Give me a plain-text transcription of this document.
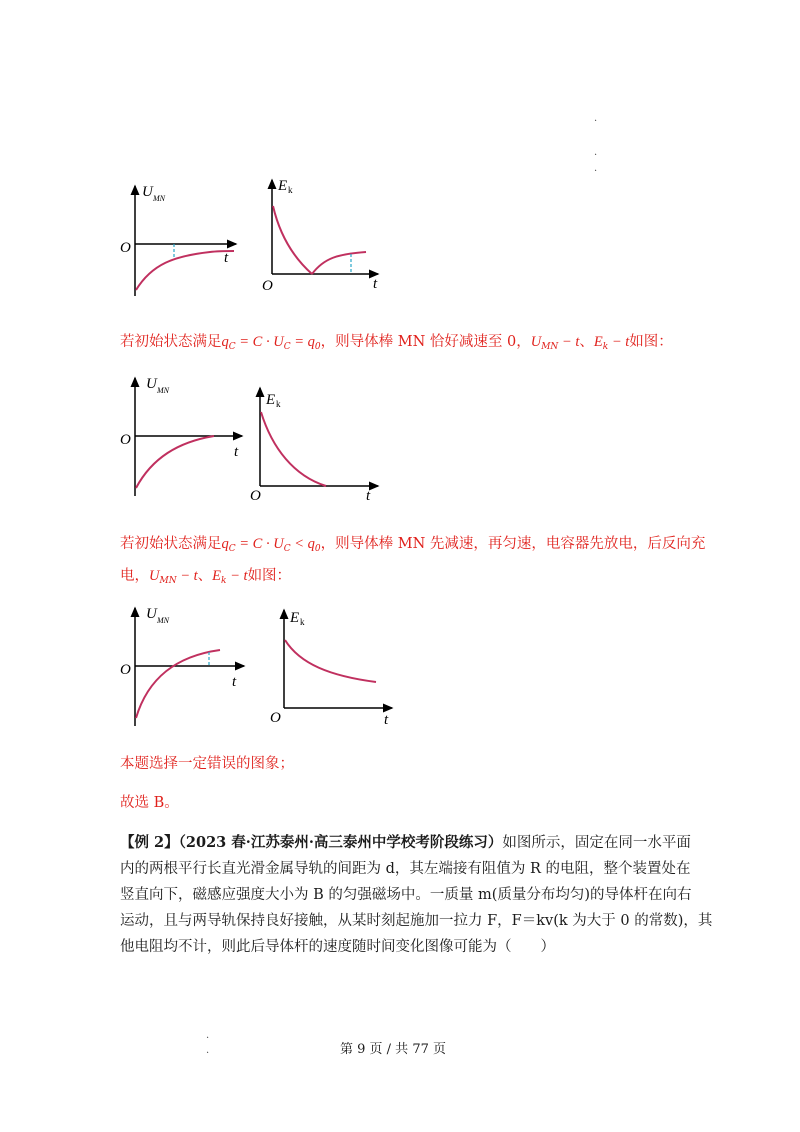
·
·
·
U MN
O
t
E k
O	t
若初始状态满足$q_C = C \cdot U_C = q_0$，则导体棒 MN 恰好减速至 0，$U_{MN} - t$、$E_k - t$如图：
U MN
O
t
E k
O	t
若初始状态满足$q_C = C \cdot U_C < q_0$，则导体棒 MN 先减速，再匀速，电容器先放电，后反向充
电，$U_{MN} - t$、$E_k - t$如图：
U MN
O
t
E k
O	t
本题选择一定错误的图象；
故选 B。
【例 2】（2023 春·江苏泰州·高三泰州中学校考阶段练习）如图所示，固定在同一水平面
内的两根平行长直光滑金属导轨的间距为 d，其左端接有阻值为 R 的电阻，整个装置处在
竖直向下，磁感应强度大小为 B 的匀强磁场中。一质量 m(质量分布均匀)的导体杆在向右
运动，且与两导轨保持良好接触，从某时刻起施加一拉力 F，F＝kv(k 为大于 0 的常数)，其
他电阻均不计，则此后导体杆的速度随时间变化图像可能为（　　）
·
·	第 9 页 / 共 77 页
